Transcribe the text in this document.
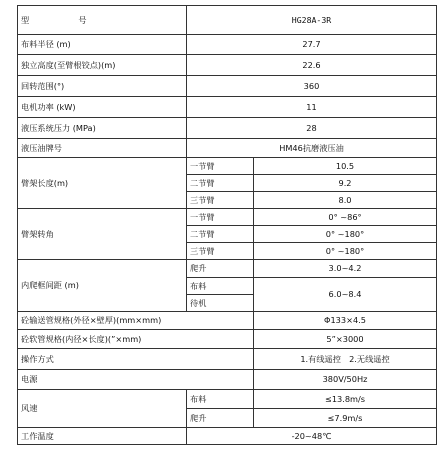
型　　　　　　号	HG28A-3R	
布料半径 (m)	27.7	
独立高度(至臂根铰点)(m)	22.6	
回转范围(°)	360	
电机功率 (kW)	11	
液压系统压力 (MPa)	28	
液压油牌号	HM46抗磨液压油	
臂架长度(m)	一节臂	10.5
	二节臂	9.2
	三节臂	8.0
臂架转角	一节臂	0° ~86°
	二节臂	0° ~180°
	三节臂	0° ~180°
内爬框间距 (m)	爬升	3.0~4.2
	布料	6.0~8.4
	待机	
砼输送管规格(外径×壁厚)(mm×mm)		Φ133×4.5
砼软管规格(内径×长度)(”×mm)		5”×3000
操作方式		1.有线遥控　2.无线遥控
电源		380V/50Hz
风速	布料	≤13.8m/s
	爬升	≤7.9m/s
工作温度	-20~48℃	
